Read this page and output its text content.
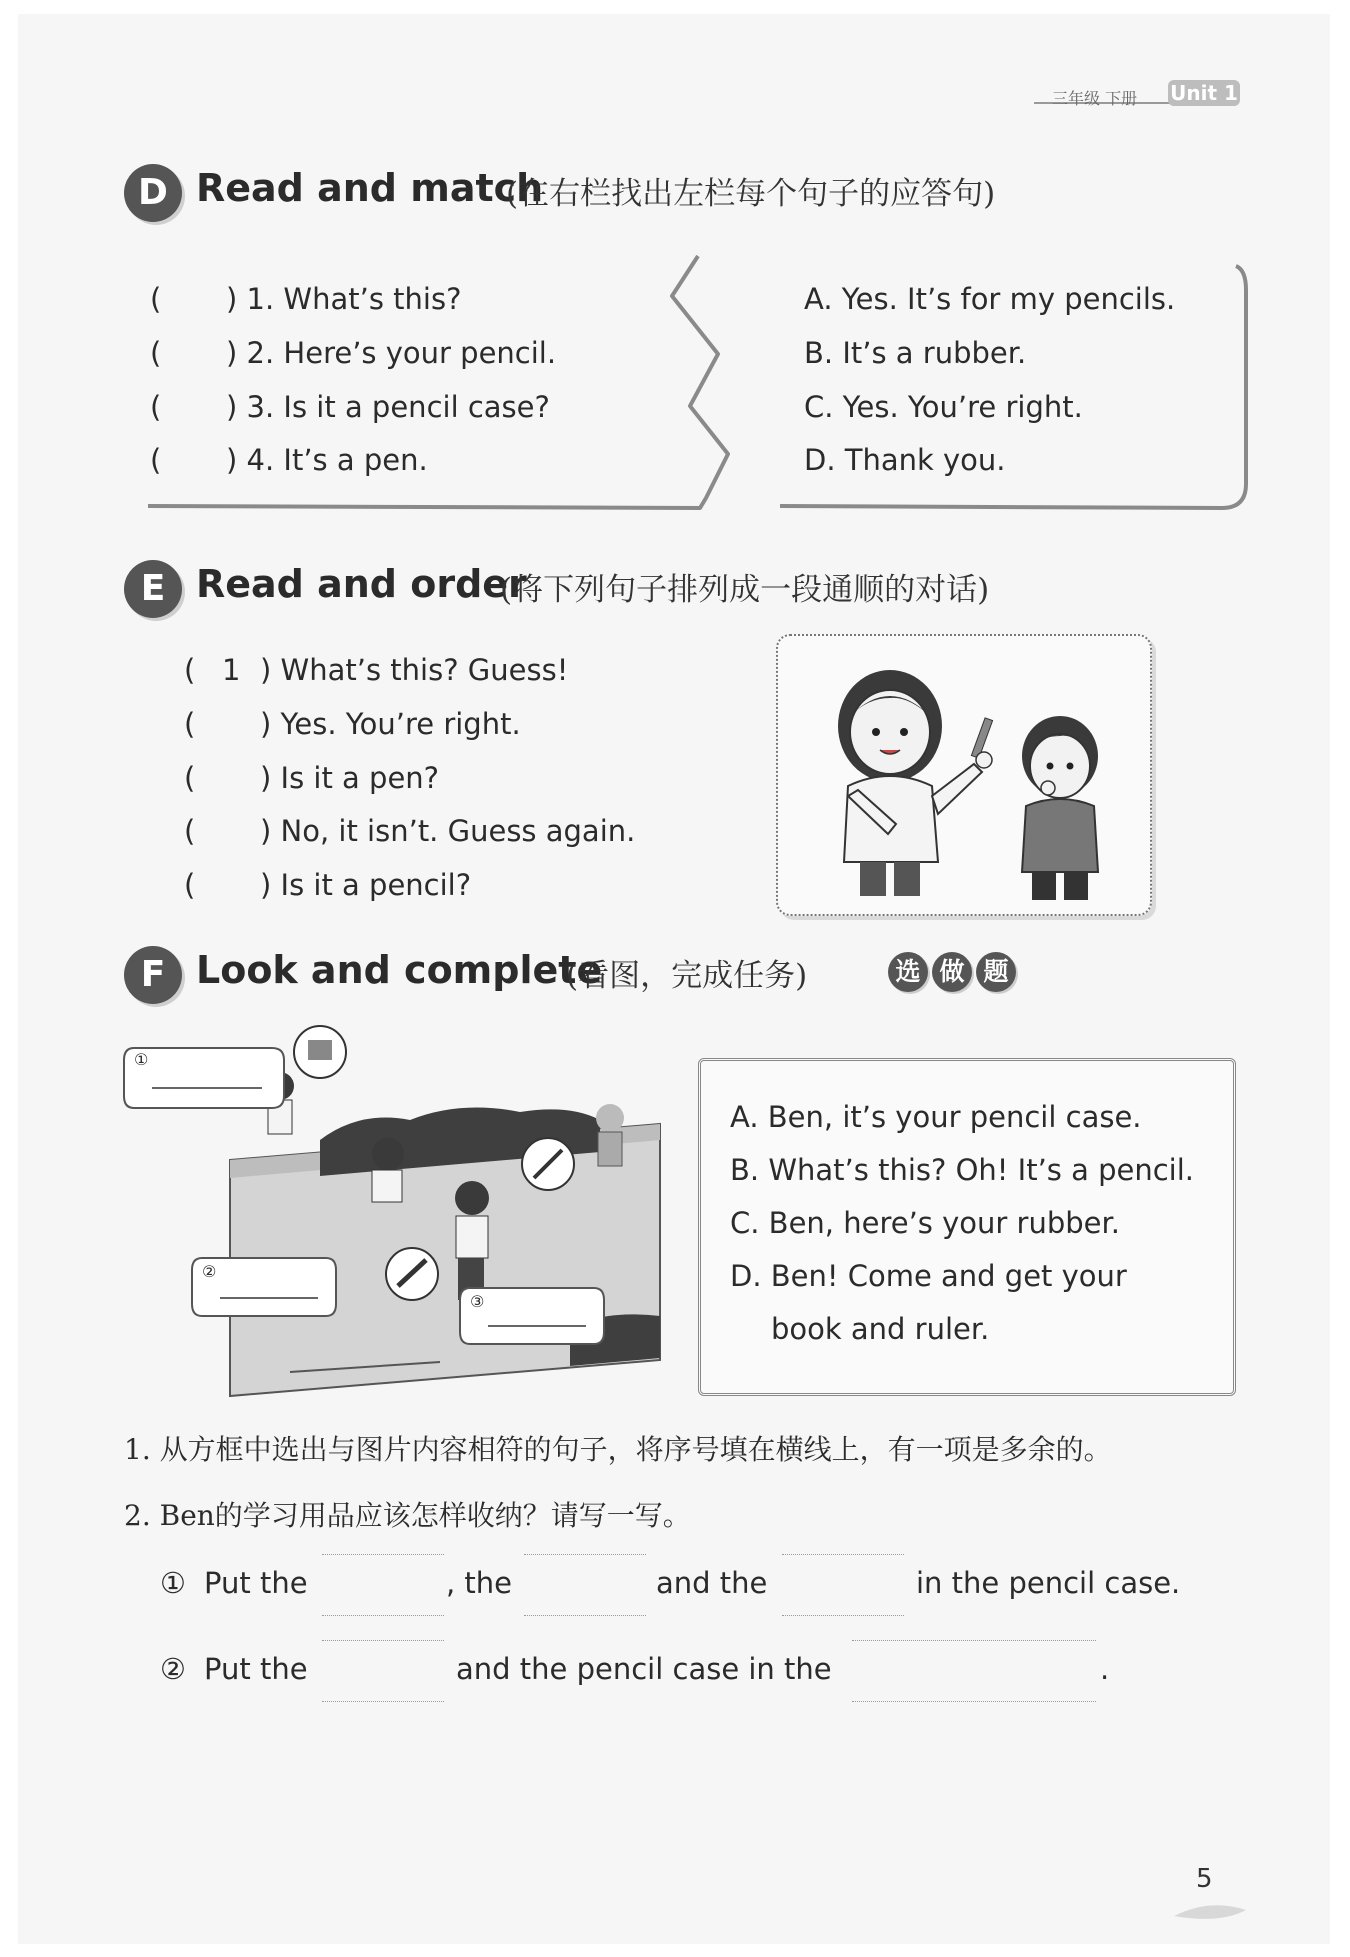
三年级 下册 Unit 1
D Read and match
(在右栏找出左栏每个句子的应答句)
( ) 1. What’s this?
( ) 2. Here’s your pencil.
( ) 3. Is it a pencil case?
( ) 4. It’s a pen.
A. Yes. It’s for my pencils.
B. It’s a rubber.
C. Yes. You’re right.
D. Thank you.
E Read and order
(将下列句子排列成一段通顺的对话)
( 1 ) What’s this? Guess!
( ) Yes. You’re right.
( ) Is it a pen?
( ) No, it isn’t. Guess again.
( ) Is it a pencil?
F Look and complete
(看图，完成任务)	选 做 题
①
②
③
A. Ben, it’s your pencil case.
B. What’s this? Oh! It’s a pencil.
C. Ben, here’s your rubber.
D. Ben! Come and get your
book and ruler.
1. 从方框中选出与图片内容相符的句子，将序号填在横线上，有一项是多余的。
2. Ben的学习用品应该怎样收纳？请写一写。
① Put the	, the	and the	in the pencil case.
② Put the	and the pencil case in the	.
5
